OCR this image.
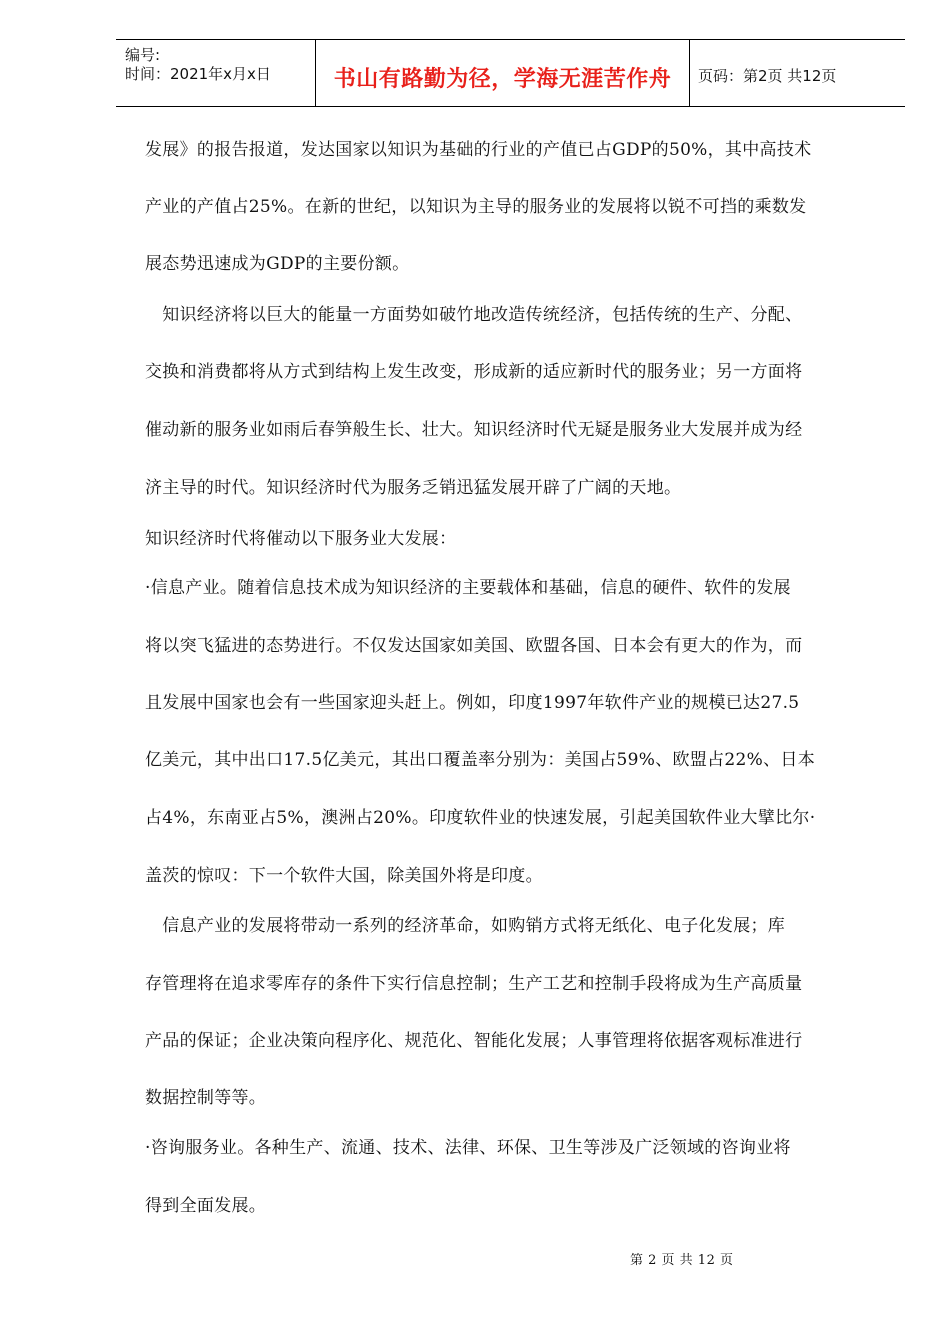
编号:
时间：2021年x月x日	书山有路勤为径，学海无涯苦作舟	页码：第2页 共12页
发展》的报告报道，发达国家以知识为基础的行业的产值已占GDP的50%，其中高技术
产业的产值占25%。在新的世纪，以知识为主导的服务业的发展将以锐不可挡的乘数发
展态势迅速成为GDP的主要份额。
　知识经济将以巨大的能量一方面势如破竹地改造传统经济，包括传统的生产、分配、
交换和消费都将从方式到结构上发生改变，形成新的适应新时代的服务业；另一方面将
催动新的服务业如雨后春笋般生长、壮大。知识经济时代无疑是服务业大发展并成为经
济主导的时代。知识经济时代为服务乏销迅猛发展开辟了广阔的天地。
知识经济时代将催动以下服务业大发展：
·信息产业。随着信息技术成为知识经济的主要载体和基础，信息的硬件、软件的发展
将以突飞猛进的态势进行。不仅发达国家如美国、欧盟各国、日本会有更大的作为，而
且发展中国家也会有一些国家迎头赶上。例如，印度1997年软件产业的规模已达27.5
亿美元，其中出口17.5亿美元，其出口覆盖率分别为：美国占59%、欧盟占22%、日本
占4%，东南亚占5%，澳洲占20%。印度软件业的快速发展，引起美国软件业大擘比尔·
盖茨的惊叹：下一个软件大国，除美国外将是印度。
　信息产业的发展将带动一系列的经济革命，如购销方式将无纸化、电子化发展；库
存管理将在追求零库存的条件下实行信息控制；生产工艺和控制手段将成为生产高质量
产品的保证；企业决策向程序化、规范化、智能化发展；人事管理将依据客观标准进行
数据控制等等。
·咨询服务业。各种生产、流通、技术、法律、环保、卫生等涉及广泛领域的咨询业将
得到全面发展。
第 2 页 共 12 页
